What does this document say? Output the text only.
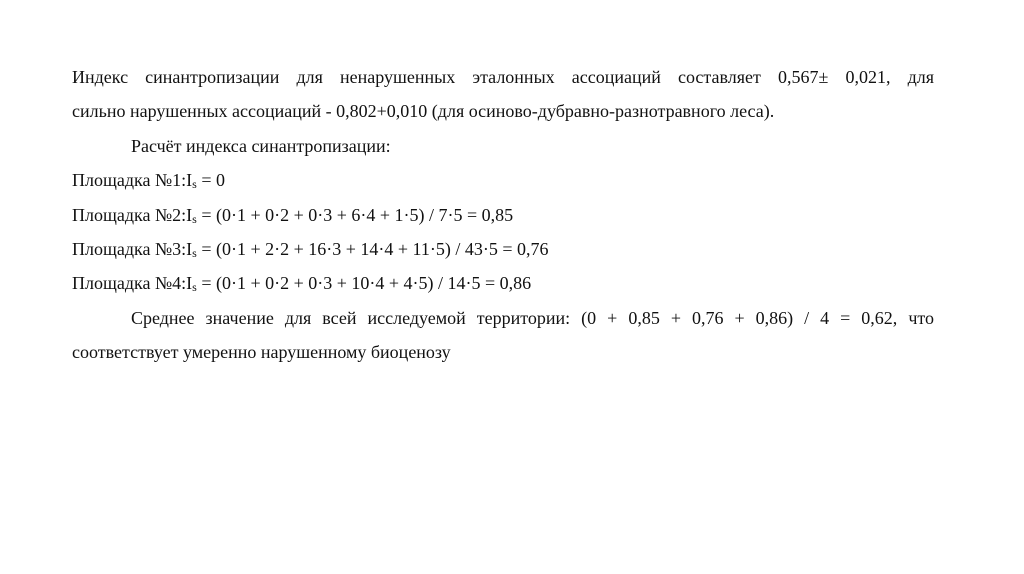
Индекс синантропизации для ненарушенных эталонных ассоциаций составляет 0,567± 0,021, для
сильно нарушенных ассоциаций - 0,802+0,010 (для осиново-дубравно-разнотравного леса).
Расчёт индекса синантропизации:
Площадка №1: Is = 0
Площадка №2: Is = (0·1 + 0·2 + 0·3 + 6·4 + 1·5) / 7·5 = 0,85
Площадка №3: Is = (0·1 + 2·2 + 16·3 + 14·4 + 11·5) / 43·5 = 0,76
Площадка №4: Is = (0·1 + 0·2 + 0·3 + 10·4 + 4·5) / 14·5 = 0,86
Среднее значение для всей исследуемой территории: (0 + 0,85 + 0,76 + 0,86) / 4 = 0,62, что
соответствует умеренно нарушенному биоценозу
